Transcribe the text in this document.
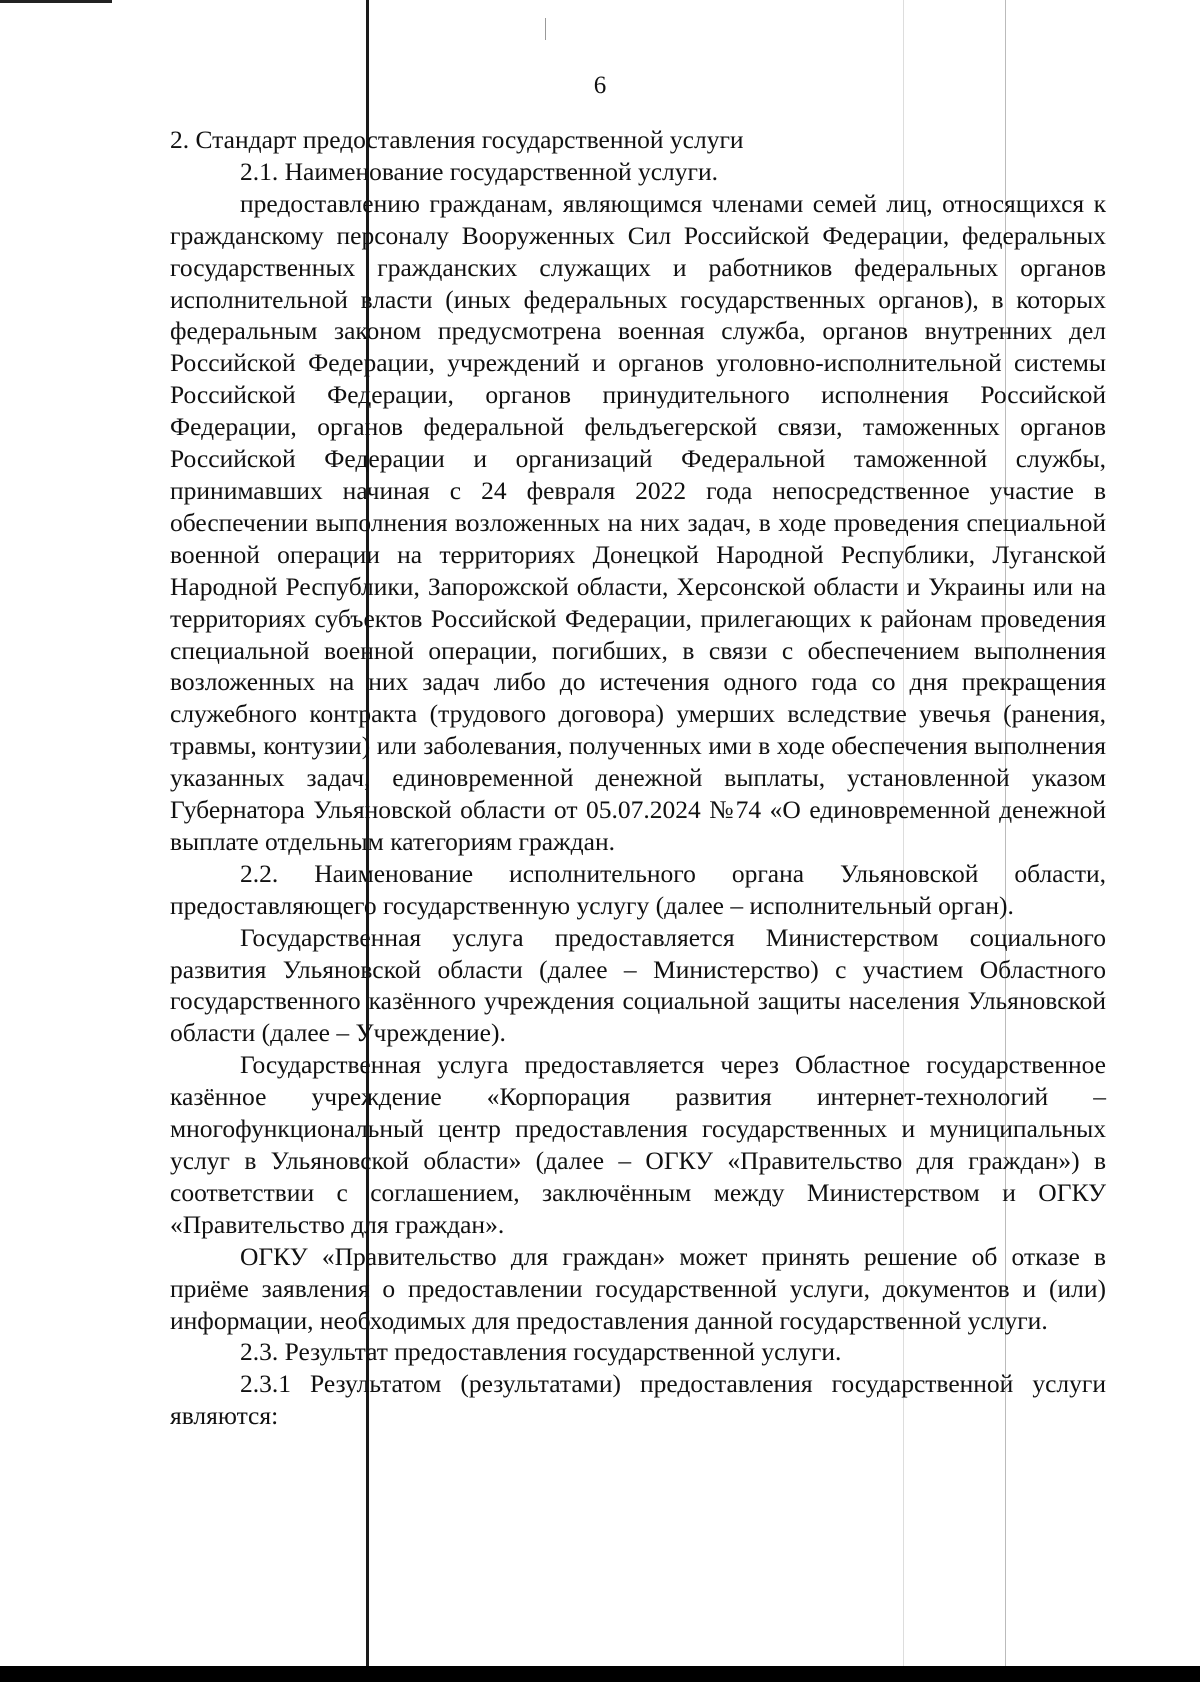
6

2. Стандарт предоставления государственной услуги

2.1. Наименование государственной услуги.

предоставлению гражданам, являющимся членами семей лиц, относящихся к гражданскому персоналу Вооруженных Сил Российской Федерации, федеральных государственных гражданских служащих и работников федеральных органов исполнительной власти (иных федеральных государственных органов), в которых федеральным законом предусмотрена военная служба, органов внутренних дел Российской Федерации, учреждений и органов уголовно-исполнительной системы Российской Федерации, органов принудительного исполнения Российской Федерации, органов федеральной фельдъегерской связи, таможенных органов Российской Федерации и организаций Федеральной таможенной службы, принимавших начиная с 24 февраля 2022 года непосредственное участие в обеспечении выполнения возложенных на них задач, в ходе проведения специальной военной операции на территориях Донецкой Народной Республики, Луганской Народной Республики, Запорожской области, Херсонской области и Украины или на территориях субъектов Российской Федерации, прилегающих к районам проведения специальной военной операции, погибших, в связи с обеспечением выполнения возложенных на них задач либо до истечения одного года со дня прекращения служебного контракта (трудового договора) умерших вследствие увечья (ранения, травмы, контузии) или заболевания, полученных ими в ходе обеспечения выполнения указанных задач, единовременной денежной выплаты, установленной указом Губернатора Ульяновской области от 05.07.2024 №74 «О единовременной денежной выплате отдельным категориям граждан.

2.2. Наименование исполнительного органа Ульяновской области, предоставляющего государственную услугу (далее – исполнительный орган).

Государственная услуга предоставляется Министерством социального развития Ульяновской области (далее – Министерство) с участием Областного государственного казённого учреждения социальной защиты населения Ульяновской области (далее – Учреждение).

Государственная услуга предоставляется через Областное государственное казённое учреждение «Корпорация развития интернет-технологий – многофункциональный центр предоставления государственных и муниципальных услуг в Ульяновской области» (далее – ОГКУ «Правительство для граждан») в соответствии с соглашением, заключённым между Министерством и ОГКУ «Правительство для граждан».

ОГКУ «Правительство для граждан» может принять решение об отказе в приёме заявления о предоставлении государственной услуги, документов и (или) информации, необходимых для предоставления данной государственной услуги.

2.3. Результат предоставления государственной услуги.

2.3.1 Результатом (результатами) предоставления государственной услуги являются:
